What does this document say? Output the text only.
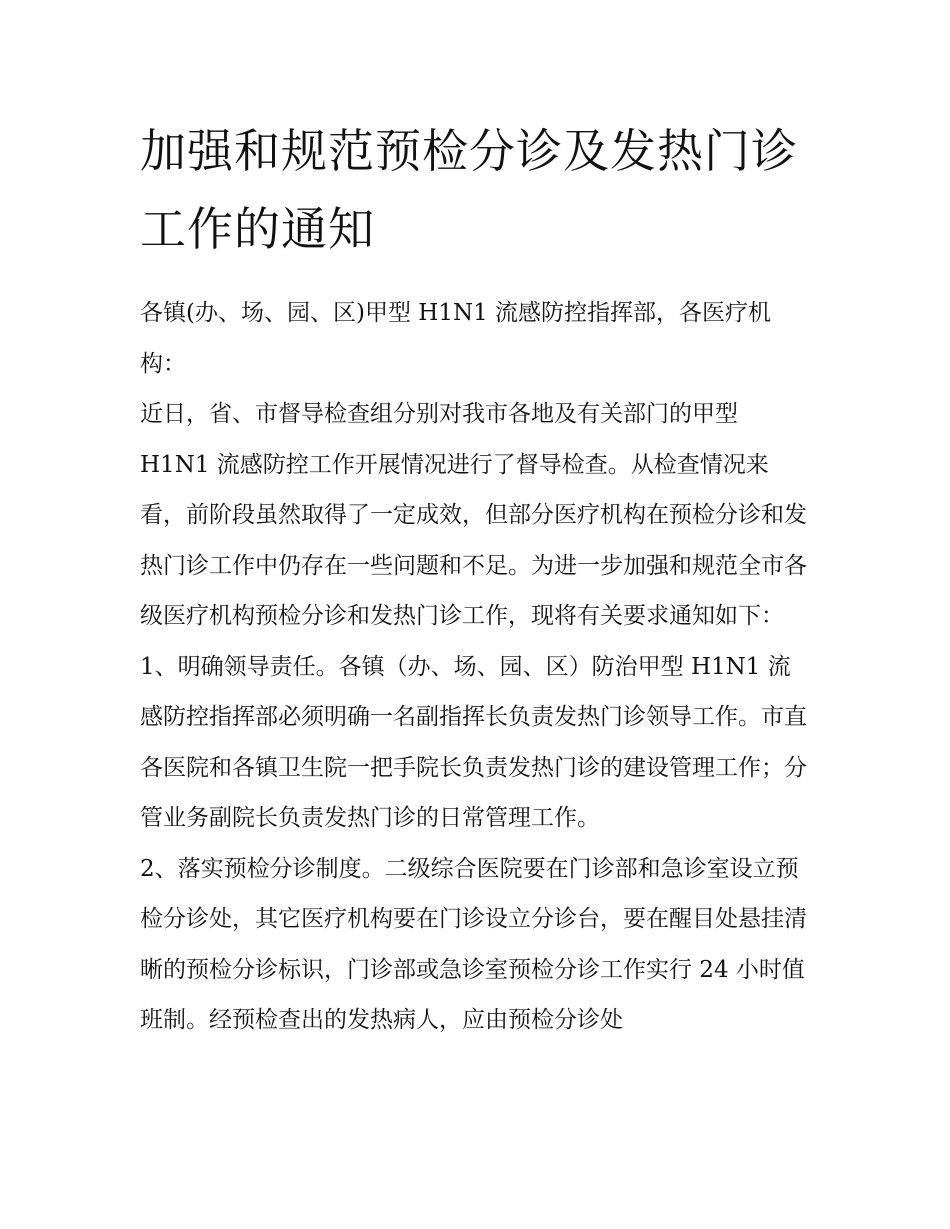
加强和规范预检分诊及发热门诊工作的通知

各镇(办、场、园、区)甲型 H1N1 流感防控指挥部，各医疗机构：

近日，省、市督导检查组分别对我市各地及有关部门的甲型 H1N1 流感防控工作开展情况进行了督导检查。从检查情况来看，前阶段虽然取得了一定成效，但部分医疗机构在预检分诊和发热门诊工作中仍存在一些问题和不足。为进一步加强和规范全市各级医疗机构预检分诊和发热门诊工作，现将有关要求通知如下：

1、明确领导责任。各镇（办、场、园、区）防治甲型 H1N1 流感防控指挥部必须明确一名副指挥长负责发热门诊领导工作。市直各医院和各镇卫生院一把手院长负责发热门诊的建设管理工作；分管业务副院长负责发热门诊的日常管理工作。

2、落实预检分诊制度。二级综合医院要在门诊部和急诊室设立预检分诊处，其它医疗机构要在门诊设立分诊台，要在醒目处悬挂清晰的预检分诊标识，门诊部或急诊室预检分诊工作实行 24 小时值班制。经预检查出的发热病人，应由预检分诊处
